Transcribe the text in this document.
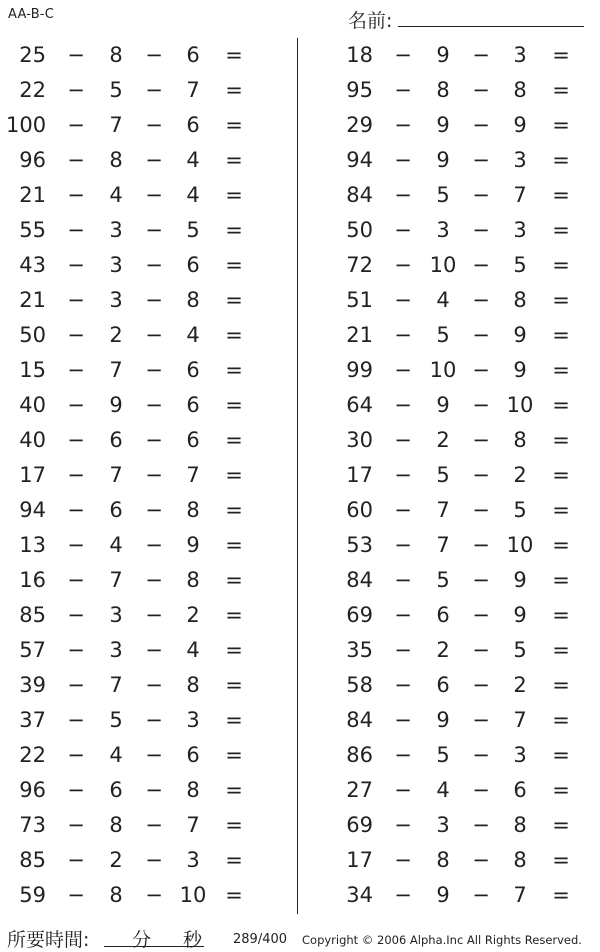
AA-B-C	名前:
25 −	8	−	6	=
22 −	5	−	7	=
100 −	7	−	6	=
96 −	8	−	4	=
21 −	4	−	4	=
55 −	3	−	5	=
43 −	3	−	6	=
21 −	3	−	8	=
50 −	2	−	4	=
15 −	7	−	6	=
40 −	9	−	6	=
40 −	6	−	6	=
17 −	7	−	7	=
94 −	6	−	8	=
13 −	4	−	9	=
16 −	7	−	8	=
85 −	3	−	2	=
57 −	3	−	4	=
39 −	7	−	8	=
37 −	5	−	3	=
22 −	4	−	6	=
96 −	6	−	8	=
73 −	8	−	7	=
85 −	2	−	3	=
59 −	8	− 10 =
18 −	9	−	3	=
95 −	8	−	8	=
29 −	9	−	9	=
94 −	9	−	3	=
84 −	5	−	7	=
50 −	3	−	3	=
72 − 10 −	5	=
51 −	4	−	8	=
21 −	5	−	9	=
99 − 10 −	9	=
64 −	9	− 10 =
30 −	2	−	8	=
17 −	5	−	2	=
60 −	7	−	5	=
53 −	7	− 10 =
84 −	5	−	9	=
69 −	6	−	9	=
35 −	2	−	5	=
58 −	6	−	2	=
84 −	9	−	7	=
86 −	5	−	3	=
27 −	4	−	6	=
69 −	3	−	8	=
17 −	8	−	8	=
34 −	9	−	7	=
所要時間: 分 秒 289/400 Copyright © 2006 Alpha.Inc All Rights Reserved.
